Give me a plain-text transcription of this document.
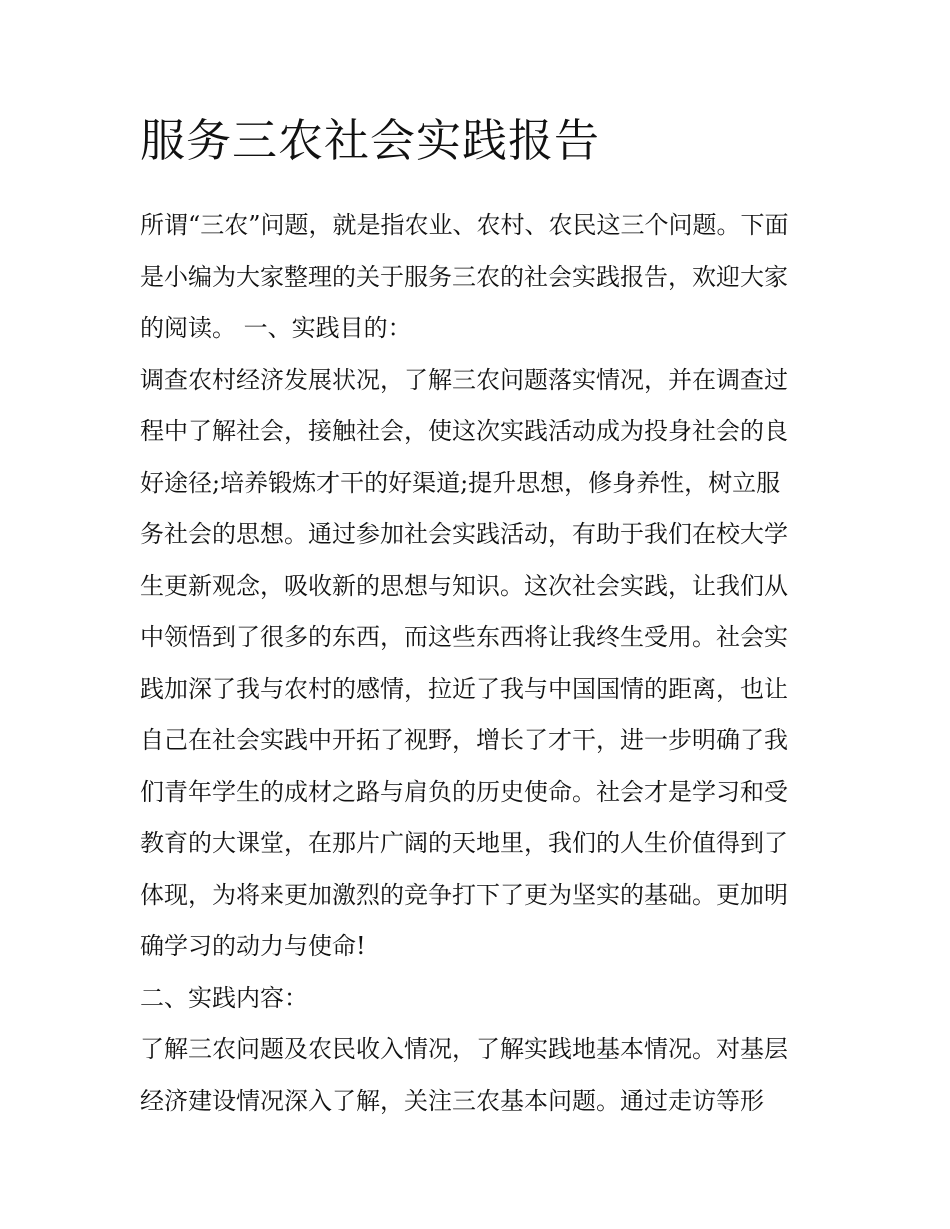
服务三农社会实践报告
所谓“三农”问题，就是指农业、农村、农民这三个问题。下面
是小编为大家整理的关于服务三农的社会实践报告，欢迎大家
的阅读。 一、实践目的：
调查农村经济发展状况，了解三农问题落实情况，并在调查过
程中了解社会，接触社会，使这次实践活动成为投身社会的良
好途径;培养锻炼才干的好渠道;提升思想，修身养性，树立服
务社会的思想。通过参加社会实践活动，有助于我们在校大学
生更新观念，吸收新的思想与知识。这次社会实践，让我们从
中领悟到了很多的东西，而这些东西将让我终生受用。社会实
践加深了我与农村的感情，拉近了我与中国国情的距离，也让
自己在社会实践中开拓了视野，增长了才干，进一步明确了我
们青年学生的成材之路与肩负的历史使命。社会才是学习和受
教育的大课堂，在那片广阔的天地里，我们的人生价值得到了
体现，为将来更加激烈的竞争打下了更为坚实的基础。更加明
确学习的动力与使命!
二、实践内容：
了解三农问题及农民收入情况，了解实践地基本情况。对基层
经济建设情况深入了解，关注三农基本问题。通过走访等形
